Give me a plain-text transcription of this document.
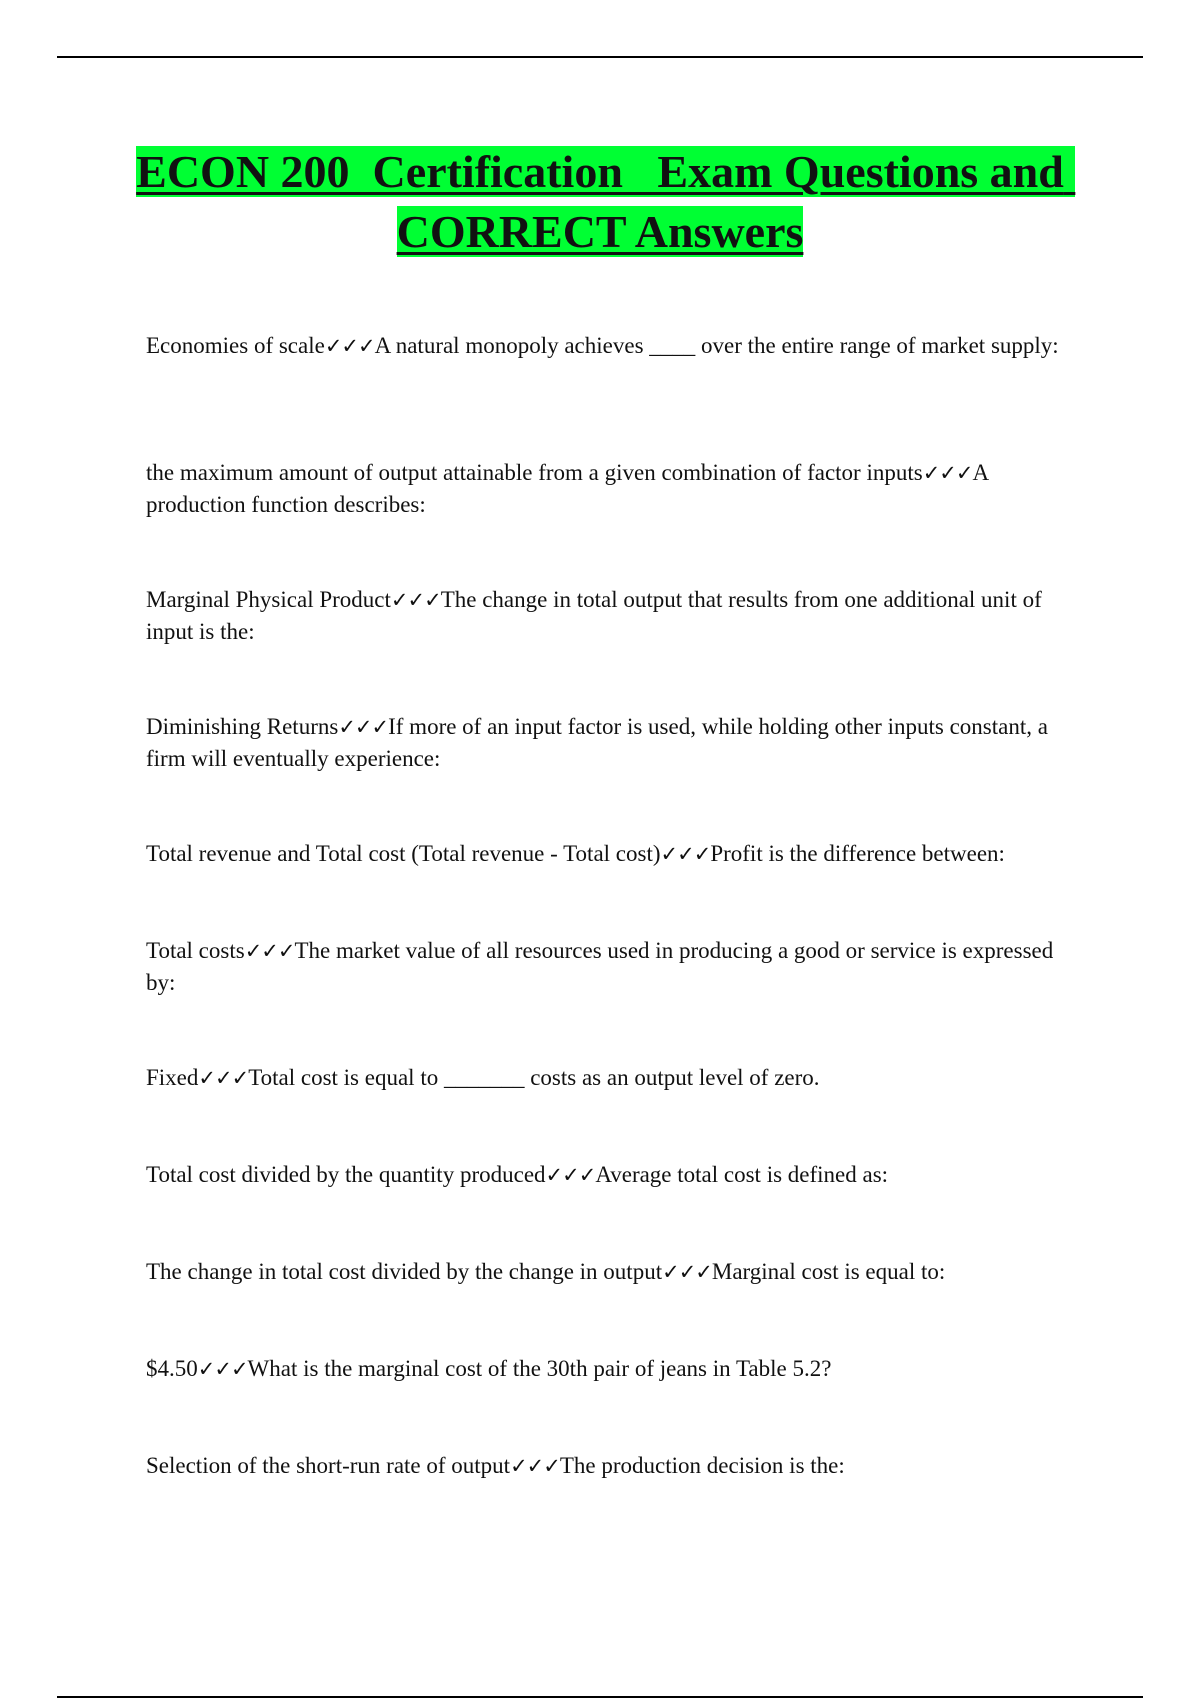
ECON 200  Certification   Exam Questions and CORRECT Answers
Economies of scale✓✓✓A natural monopoly achieves ____ over the entire range of market supply:
the maximum amount of output attainable from a given combination of factor inputs✓✓✓A production function describes:
Marginal Physical Product✓✓✓The change in total output that results from one additional unit of input is the:
Diminishing Returns✓✓✓If more of an input factor is used, while holding other inputs constant, a firm will eventually experience:
Total revenue and Total cost (Total revenue - Total cost)✓✓✓Profit is the difference between:
Total costs✓✓✓The market value of all resources used in producing a good or service is expressed by:
Fixed✓✓✓Total cost is equal to _______ costs as an output level of zero.
Total cost divided by the quantity produced✓✓✓Average total cost is defined as:
The change in total cost divided by the change in output✓✓✓Marginal cost is equal to:
$4.50✓✓✓What is the marginal cost of the 30th pair of jeans in Table 5.2?
Selection of the short-run rate of output✓✓✓The production decision is the:
